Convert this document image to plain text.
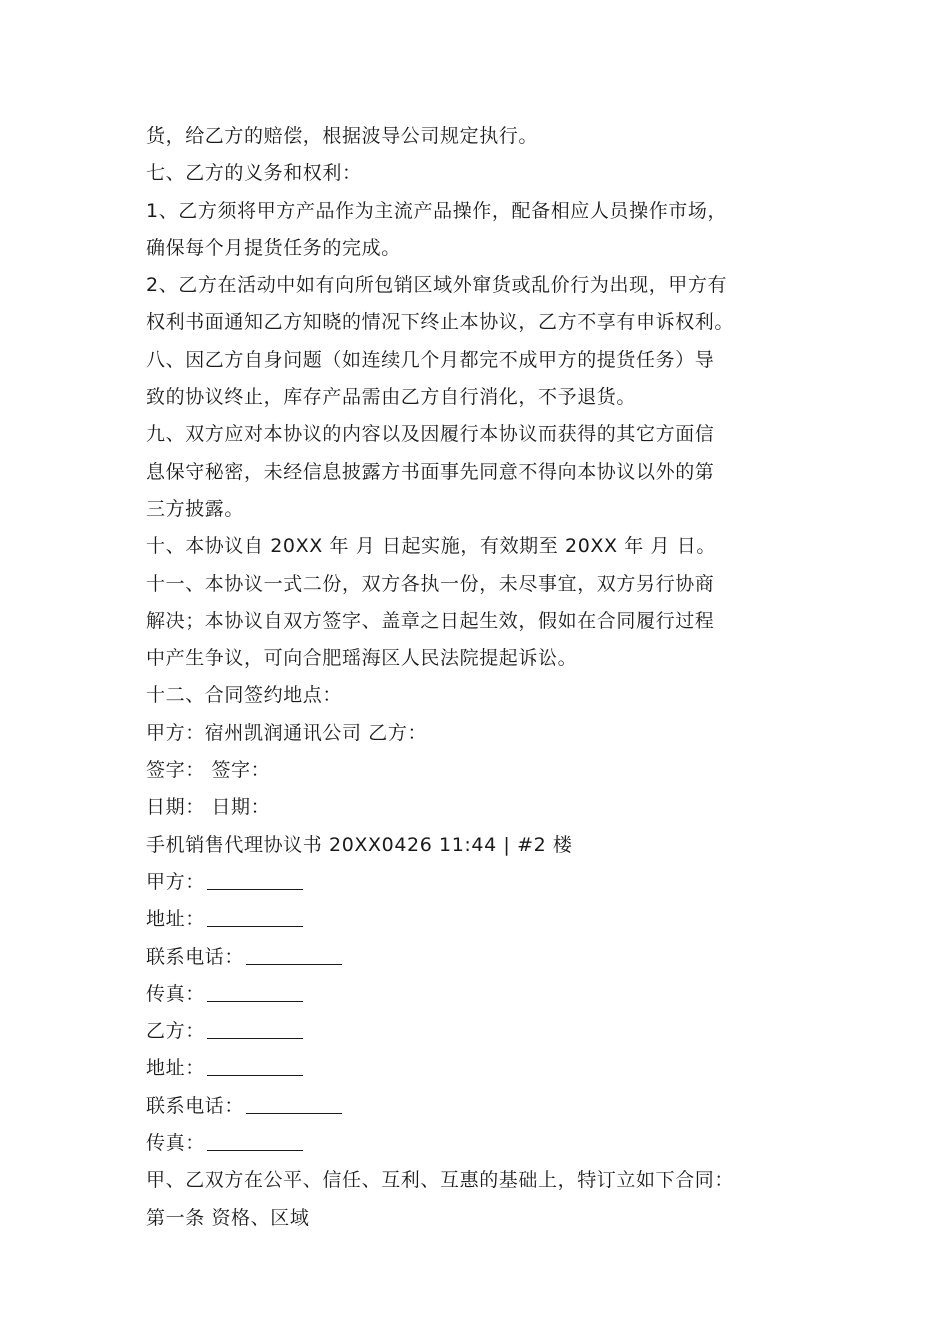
货，给乙方的赔偿，根据波导公司规定执行。
七、乙方的义务和权利：
1、乙方须将甲方产品作为主流产品操作，配备相应人员操作市场，
确保每个月提货任务的完成。
2、乙方在活动中如有向所包销区域外窜货或乱价行为出现，甲方有
权利书面通知乙方知晓的情况下终止本协议，乙方不享有申诉权利。
八、因乙方自身问题（如连续几个月都完不成甲方的提货任务）导
致的协议终止，库存产品需由乙方自行消化，不予退货。
九、双方应对本协议的内容以及因履行本协议而获得的其它方面信
息保守秘密，未经信息披露方书面事先同意不得向本协议以外的第
三方披露。
十、本协议自 20XX 年 月 日起实施，有效期至 20XX 年 月 日。
十一、本协议一式二份，双方各执一份，未尽事宜，双方另行协商
解决；本协议自双方签字、盖章之日起生效，假如在合同履行过程
中产生争议，可向合肥瑶海区人民法院提起诉讼。
十二、合同签约地点：
甲方：宿州凯润通讯公司 乙方：
签字： 签字：
日期： 日期：
手机销售代理协议书 20XX0426 11:44 | #2 楼
甲方：
地址：
联系电话：
传真：
乙方：
地址：
联系电话：
传真：
甲、乙双方在公平、信任、互利、互惠的基础上，特订立如下合同：
第一条 资格、区域
